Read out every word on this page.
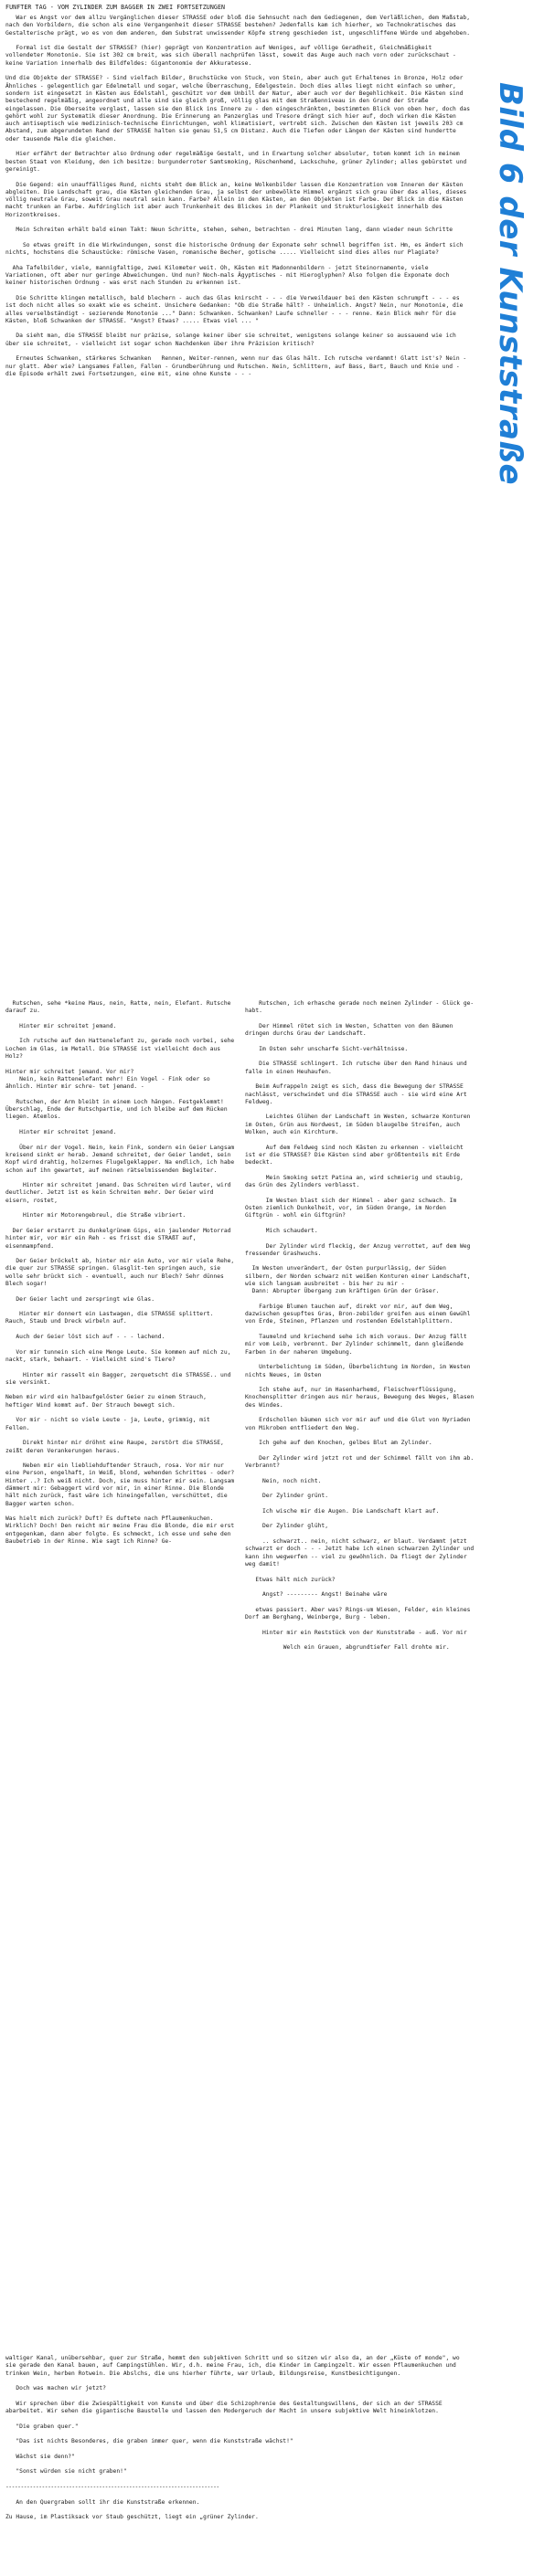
FUNFTER TAG - VOM ZYLINDER ZUM BAGGER IN ZWEI FORTSETZUNGEN
Bild 6 der Kunststraße

War es Angst vor dem allzu Vergänglichen dieser STRASSE oder bloß die Sehnsucht nach dem Gediegenen, dem Verläßlichen, dem Maßstab, nach den Vorbildern, die schon als eine Vergangenheit dieser STRASSE bestehen? Jedenfalls kam ich hierher, wo Technokratisches das Gestalterische prägt, wo es von dem anderen, dem Substrat unwissender Köpfe streng geschieden ist, ungeschliffene Würde und abgehoben.

Formal ist die Gestalt der STRASSE? (hier) geprägt von Konzentration auf Weniges, auf völlige Geradheit, Gleichmäßigkeit vollendeter Monotonie. Sie ist 302 cm breit, was sich überall nachprüfen lässt, soweit das Auge auch nach vorn oder zurückschaut - keine Variation innerhalb des Bildfeldes: Gigantonomie der Akkuratesse.

Und die Objekte der STRASSE? - Sind vielfach Bilder, Bruchstücke von Stuck, von Stein, aber auch gut Erhaltenes in Bronze, Holz oder Ähnliches - gelegentlich gar Edelmetall und sogar, welche Überraschung, Edelgestein. Doch dies alles liegt nicht einfach so umher, sondern ist eingesetzt in Kästen aus Edelstahl, geschützt vor dem Unbill der Natur, aber auch vor der Begehlichkeit. Die Kästen sind bestechend regelmäßig, angeordnet und alle sind sie gleich groß, völlig glas mit dem Straßenniveau in den Grund der Straße eingelassen. Die Oberseite verglast, lassen sie den Blick ins Innere zu - den eingeschränkten, bestimmten Blick von oben her, doch das gehört wohl zur Systematik dieser Anordnung. Die Erinnerung an Panzerglas und Tresore drängt sich hier auf, doch wirken die Kästen auch antiseptisch wie medizinisch-technische Einrichtungen, wohl klimatisiert, vertrebt sich. Zwischen den Kästen ist jeweils 203 cm Abstand, zum abgerundeten Rand der STRASSE halten sie genau 51,5 cm Distanz. Auch die Tiefen oder Längen der Kästen sind hundertte oder tausende Male die gleichen.

Hier erfährt der Betrachter also Ordnung oder regelmäßige Gestalt, und in Erwartung solcher absoluter, totem kommt ich in meinem besten Staat von Kleidung, den ich besitze: burgunderroter Samtsmoking, Rüschenhemd, Lackschuhe, grüner Zylinder; alles gebürstet und gereinigt.

Die Gegend: ein unauffälliges Rund, nichts steht dem Blick an, keine Wolkenbilder lassen die Konzentration vom Inneren der Kästen abgleiten. Die Landschaft grau, die Kästen gleichenden Grau, ja selbst der unbewölkte Himmel ergänzt sich grau über das alles, dieses völlig neutrale Grau, soweit Grau neutral sein kann. Farbe? Allein in den Kästen, an den Objekten ist Farbe. Der Blick in die Kästen macht trunken an Farbe. Aufdringlich ist aber auch Trunkenheit des Blickes in der Plankeit und Strukturlosigkeit innerhalb des Horizontkreises.

Mein Schreiten erhält bald einen Takt: Neun Schritte, stehen, sehen, betrachten - drei Minuten lang, dann wieder neun Schritte

So etwas greift in die Wirkwindungen, sonst die historische Ordnung der Exponate sehr schnell begriffen ist. Hm, es ändert sich nichts, hochstens die Schaustücke: römische Vasen, romanische Becher, gotische ..... Vielleicht sind dies alles nur Plagiate?

Aha Tafelbilder, viele, mannigfaltige, zwei Kilometer weit. Oh, Kästen mit Madonnenbildern - jetzt Steinornamente, viele Variationen, oft aber nur geringe Abweichungen. Und nun? Noch-mals Ägyptisches - mit Hieroglyphen? Also folgen die Exponate doch keiner historischen Ordnung - was erst nach Stunden zu erkennen ist.

Die Schritte klingen metallisch, bald blechern - auch das Glas knirscht - - - die Verweildauer bei den Kästen schrumpft - - - es ist doch nicht alles so exakt wie es scheint. Unsichere Gedanken: "Ob die Straße hält? - Unheimlich. Angst? Nein, nur Monotonie, die alles verselbständigt - sezierende Monotonie ..." Dann: Schwanken. Schwanken? Laufe schneller - - - renne. Kein Blick mehr für die Kästen, bloß Schwanken der STRASSE. "Angst? Etwas? ..... Etwas viel ... "

Da sieht man, die STRASSE bleibt nur präzise, solange keiner über sie schreitet, wenigstens solange keiner so aussauend wie ich über sie schreitet, - vielleicht ist sogar schon Nachdenken über ihre Präzision kritisch?

Erneutes Schwanken, stärkeres Schwanken   Rennen, Weiter-rennen, wenn nur das Glas hält. Ich rutsche verdammt! Glatt ist's? Nein - nur glatt. Aber wie? Langsames Fallen, Fallen - Grundberührung und Rutschen. Nein, Schlittern, auf Bass, Bart, Bauch und Knie und - die Episode erhält zwei Fortsetzungen, eine mit, eine ohne Kunste - - -

Rutschen, sehe *keine Maus, nein, Ratte, nein, Elefant. Rutsche darauf zu.

Hinter mir schreitet jemand.

Ich rutsche auf den Hattenelefant zu, gerade noch vorbei, sehe Lochen im Glas, im Metall. Die STRASSE ist vielleicht doch aus Holz?

Hinter mir schreitet jemand. Vor mir?
Nein, kein Rattenelefant mehr! Ein Vogel - Fink oder so ähnlich. Hinter mir schre- tet jemand. -

Rutschen, der Arm bleibt in einem Loch hängen. Festgeklemmt! Überschlag, Ende der Rutschpartie, und ich bleibe auf dem Rücken liegen. Atemlos.

Hinter mir schreitet jemand.

Über mir der Vogel. Nein, kein Fink, sondern ein Geier Langsam kreisend sinkt er herab. Jemand schreitet, der Geier landet, sein Kopf wird drahtig, holzernes Flugelgeklapper. Na endlich, ich habe schon auf ihn gewartet, auf meinen rätselmissenden Begleiter.

Hinter mir schreitet jemand. Das Schreiten wird lauter, wird deutlicher. Jetzt ist es kein Schreiten mehr. Der Geier wird eisern, rostet,

Hinter mir Motorengebreul, die Straße vibriert.

Der Geier erstarrt zu dunkelgrünem Gips, ein jaulender Motorrad hinter mir, vor mir ein Reh - es frisst die STRAßT auf, eisenmampfend.

Der Geier bröckelt ab, hinter mir ein Auto, vor mir viele Rehe, die quer zur STRASSE springen. Glasglit-ten springen auch, sie wolle sehr brückt sich - eventuell, auch nur Blech? Sehr dünnes Blech sogar!

Der Geier lacht und zerspringt wie Glas.

Hinter mir donnert ein Lastwagen, die STRASSE splittert. Rauch, Staub und Dreck wirbeln auf.

Auch der Geier löst sich auf - - - lachend.

Vor mir tunnein sich eine Menge Leute. Sie kommen auf mich zu, nackt, stark, behaart. - Vielleicht sind's Tiere?

Hinter mir rasselt ein Bagger, zerquetscht die STRASSE.. und sie versinkt.

Neben mir wird ein halbaufgelöster Geier zu einem Strauch, heftiger Wind kommt auf. Der Strauch bewegt sich.

Vor mir - nicht so viele Leute - ja, Leute, grimmig, mit Fellen.

Direkt hinter mir dröhnt eine Raupe, zerstört die STRASSE, zeißt deren Verankerungen heraus.

Neben mir ein liebliehduftender Strauch, rosa. Vor mir nur eine Person, engelhaft, in Weiß, blond, wehenden Schrittes - oder? Hinter ..? Ich weiß nicht. Doch, sie muss hinter mir sein. Langsam dämmert mir: Gebaggert wird vor mir, in einer Rinne. Die Blonde hält mich zurück, fast wäre ich hineingefallen, verschüttet, die Bagger warten schon.

Was hielt mich zurück? Duft? Es duftete nach Pflaumenkuchen. Wirklich? Doch! Den reicht mir meine Frau die Blonde, die mir erst entgegenkam, dann aber folgte. Es schmeckt, ich esse und sehe den Baubetrieb in der Rinne. Wie sagt ich Rinne? Ge-

Rutschen, ich erhasche gerade noch meinen Zylinder - Glück ge-habt.

Der Himmel rötet sich im Westen, Schatten von den Bäumen dringen durchs Grau der Landschaft.

Im Osten sehr unscharfe Sicht-verhältnisse.

Die STRASSE schlingert. Ich rutsche über den Rand hinaus und falle in einen Heuhaufen.

Beim Aufrappeln zeigt es sich, dass die Bewegung der STRASSE nachlässt, verschwindet und die STRASSE auch - sie wird eine Art Feldweg.

Leichtes Glühen der Landschaft im Westen, schwarze Konturen im Osten, Grün aus Nordwest, im Süden blaugelbe Streifen, auch Wolken, auch ein Kirchturm.

Auf dem Feldweg sind noch Kästen zu erkennen - vielleicht ist er die STRASSE? Die Kästen sind aber größtenteils mit Erde bedeckt.

Mein Smoking setzt Patina an, wird schmierig und staubig, das Grün des Zylinders verblasst.

Im Westen blast sich der Himmel - aber ganz schwach. Im Osten ziemlich Dunkelheit, vor, im Süden Orange, im Norden Giftgrün - wohl ein Giftgrün?

Mich schaudert.

Der Zylinder wird fleckig, der Anzug verrottet, auf dem Weg fressender Grashwuchs.

Im Westen unverändert, der Osten purpurlässig, der Süden silbern, der Norden schwarz mit weißen Konturen einer Landschaft, wie sich langsam ausbreitet - bis her zu mir -
Dann: Abrupter Übergang zum kräftigen Grün der Gräser.

Farbige Blumen tauchen auf, direkt vor mir, auf dem Weg, dazwischen gesupftes Gras, Bron-zebilder greifen aus einem Gewühl von Erde, Steinen, Pflanzen und rostenden Edelstahlplittern.

Taumelnd und kriechend sehe ich mich voraus. Der Anzug fällt mir vom Leib, verbrennt. Der Zylinder schimmelt, dann gleißende Farben in der naheren Umgebung.

Unterbelichtung im Süden, Überbelichtung im Norden, im Westen nichts Neues, im Osten

Ich stehe auf, nur im Hasenharhemd, Fleischverflüssigung, Knochensplitter dringen aus mir heraus, Bewegung des Weges, Blasen des Windes.

Erdschollen bäumen sich vor mir auf und die Glut von Nyriaden von Mikroben entfliedert den Weg.

Ich gehe auf den Knochen, gelbes Blut am Zylinder.

Der Zylinder wird jetzt rot und der Schimmel fällt von ihm ab. Verbrannt?

Nein, noch nicht.

Der Zylinder grünt.

Ich wische mir die Augen. Die Landschaft klart auf.

Der Zylinder glüht,

.. schwarzt.. nein, nicht schwarz, er blaut. Verdammt jetzt schwarzt er doch - - - Jetzt habe ich einen schwarzen Zylinder und kann ihn wegwerfen -- viel zu gewöhnlich. Da fliegt der Zylinder weg damit!

Etwas hält mich zurück?

Angst? --------- Angst! Beinahe wäre

etwas passiert. Aber was? Rings-um Wiesen, Felder, ein kleines Dorf am Berghang, Weinberge, Burg - leben.

Hinter mir ein Reststück von der Kunststraße - auß. Vor mir

Welch ein Grauen, abgrundtiefer Fall drohte mir.

waltiger Kanal, unübersehbar, quer zur Straße, hemmt den subjektiven Schritt und so sitzen wir also da, an der „Küste of monde", wo sie gerade den Kanal bauen, auf Campingstühlen. Wir, d.h. meine Frau, ich, die Kinder im Campingzelt. Wir essen Pflaumenkuchen und trinken Wein, herben Rotwein. Die Abslchs, die uns hierher führte, war Urlaub, Bildungsreise, Kunstbesichtigungen.

Doch was machen wir jetzt?

Wir sprechen über die Zwiespältigkeit von Kunste und über die Schizophrenie des Gestaltungswillens, der sich an der STRASSE abarbeitet. Wir sehen die gigantische Baustelle und lassen den Modergeruch der Macht in unsere subjektive Welt hineinklotzen.

"Die graben quer."

"Das ist nichts Besonderes, die graben immer quer, wenn die Kunststraße wächst!"

Wächst sie denn?"

"Sonst würden sie nicht graben!"

-----------------------------------------------------------------------

An den Quergraben sollt ihr die Kunststraße erkennen.

Zu Hause, im Plastiksack vor Staub geschützt, liegt ein „grüner Zylinder.
